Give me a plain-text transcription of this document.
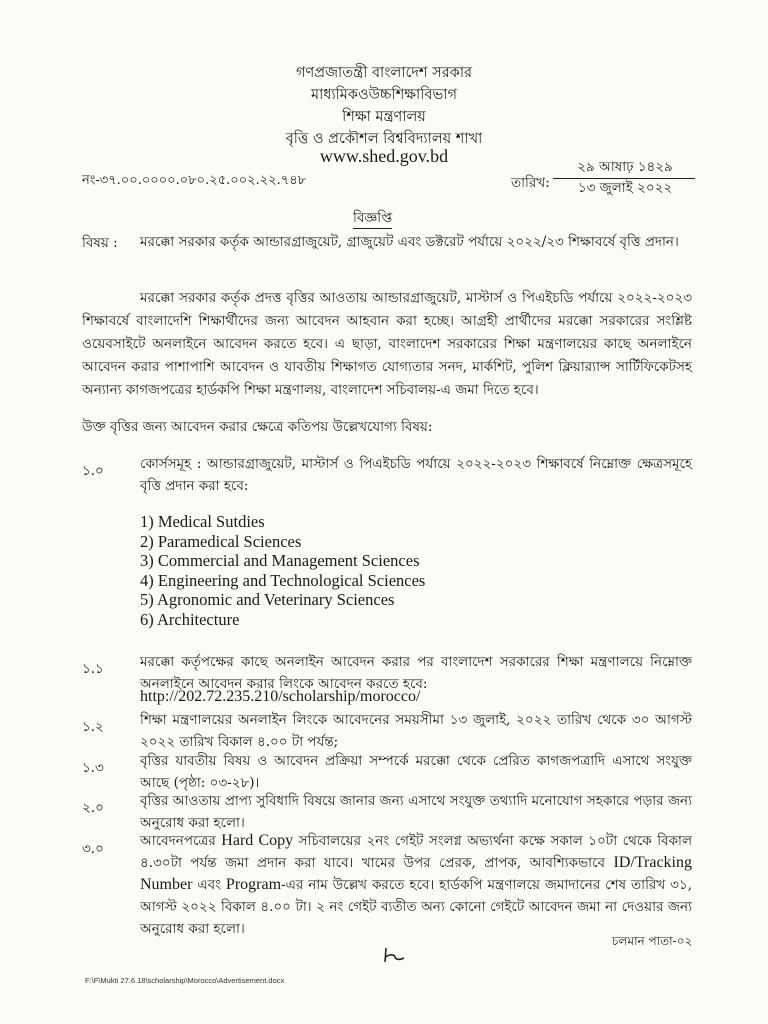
গণপ্রজাতন্ত্রী বাংলাদেশ সরকার
মাধ্যমিকওউচ্চশিক্ষাবিভাগ
শিক্ষা মন্ত্রণালয়
বৃত্তি ও প্রকৌশল বিশ্ববিদ্যালয় শাখা
www.shed.gov.bd
নং-৩৭.০০.০০০০.০৮০.২৫.০০২.২২.৭৪৮	তারিখ:
২৯ আষাঢ় ১৪২৯
১৩ জুলাই ২০২২
বিজ্ঞপ্তি
বিষয় : মরক্কো সরকার কর্তৃক আন্ডারগ্রাজুয়েট, গ্রাজুয়েট এবং ডক্টরেট পর্যায়ে ২০২২/২৩ শিক্ষাবর্ষে বৃত্তি প্রদান।
মরক্কো সরকার কর্তৃক প্রদত্ত বৃত্তির আওতায় আন্ডারগ্রাজুয়েট, মাস্টার্স ও পিএইচডি পর্যায়ে ২০২২-২০২৩ শিক্ষাবর্ষে বাংলাদেশি শিক্ষার্থীদের জন্য আবেদন আহবান করা হচ্ছে। আগ্রহী প্রার্থীদের মরক্কো সরকারের সংশ্লিষ্ট ওয়েবসাইটে অনলাইনে আবেদন করতে হবে। এ ছাড়া, বাংলাদেশ সরকারের শিক্ষা মন্ত্রণালয়ের কাছে অনলাইনে আবেদন করার পাশাপাশি আবেদন ও যাবতীয় শিক্ষাগত যোগ্যতার সনদ, মার্কশিট, পুলিশ ক্লিয়ার‍্যান্স সার্টিফিকেটসহ অন্যান্য কাগজপত্রের হার্ডকপি শিক্ষা মন্ত্রণালয়, বাংলাদেশ সচিবালয়-এ জমা দিতে হবে।
উক্ত বৃত্তির জন্য আবেদন করার ক্ষেত্রে কতিপয় উল্লেখযোগ্য বিষয়:
১.০	কোর্সসমূহ : আন্ডারগ্রাজুয়েট, মাস্টার্স ও পিএইচডি পর্যায়ে ২০২২-২০২৩ শিক্ষাবর্ষে নিম্নোক্ত ক্ষেত্রসমূহে বৃত্তি প্রদান করা হবে:
1) Medical Sutdies
2) Paramedical Sciences
3) Commercial and Management Sciences
4) Engineering and Technological Sciences
5) Agronomic and Veterinary Sciences
6) Architecture
১.১	মরক্কো কর্তৃপক্ষের কাছে অনলাইন আবেদন করার পর বাংলাদেশ সরকারের শিক্ষা মন্ত্রণালয়ে নিম্নোক্ত অনলাইনে আবেদন করার লিংকে আবেদন করতে হবে:
http://202.72.235.210/scholarship/morocco/
১.২	শিক্ষা মন্ত্রণালয়ের অনলাইন লিংকে আবেদনের সময়সীমা ১৩ জুলাই, ২০২২ তারিখ থেকে ৩০ আগস্ট ২০২২ তারিখ বিকাল ৪.০০ টা পর্যন্ত;
১.৩	বৃত্তির যাবতীয় বিষয় ও আবেদন প্রক্রিয়া সম্পর্কে মরক্কো থেকে প্রেরিত কাগজপত্রাদি এসাথে সংযুক্ত আছে (পৃষ্ঠা: ০৩-২৮)।
২.০	বৃত্তির আওতায় প্রাপ্য সুবিধাদি বিষয়ে জানার জন্য এসাথে সংযুক্ত তথ্যাদি মনোযোগ সহকারে পড়ার জন্য অনুরোধ করা হলো।
৩.০	আবেদনপত্রের Hard Copy সচিবালয়ের ২নং গেইট সংলগ্ন অভ্যর্থনা কক্ষে সকাল ১০টা থেকে বিকাল ৪.৩০টা পর্যন্ত জমা প্রদান করা যাবে। খামের উপর প্রেরক, প্রাপক, আবশ্যিকভাবে ID/Tracking Number এবং Program-এর নাম উল্লেখ করতে হবে। হার্ডকপি মন্ত্রণালয়ে জমাদানের শেষ তারিখ ৩১, আগস্ট ২০২২ বিকাল ৪.০০ টা। ২ নং গেইট ব্যতীত অন্য কোনো গেইটে আবেদন জমা না দেওয়ার জন্য অনুরোধ করা হলো।
চলমান পাতা-০২
F:\F\Mukti 27.6.18\scholarship\Morocco\Advertisement.docx
